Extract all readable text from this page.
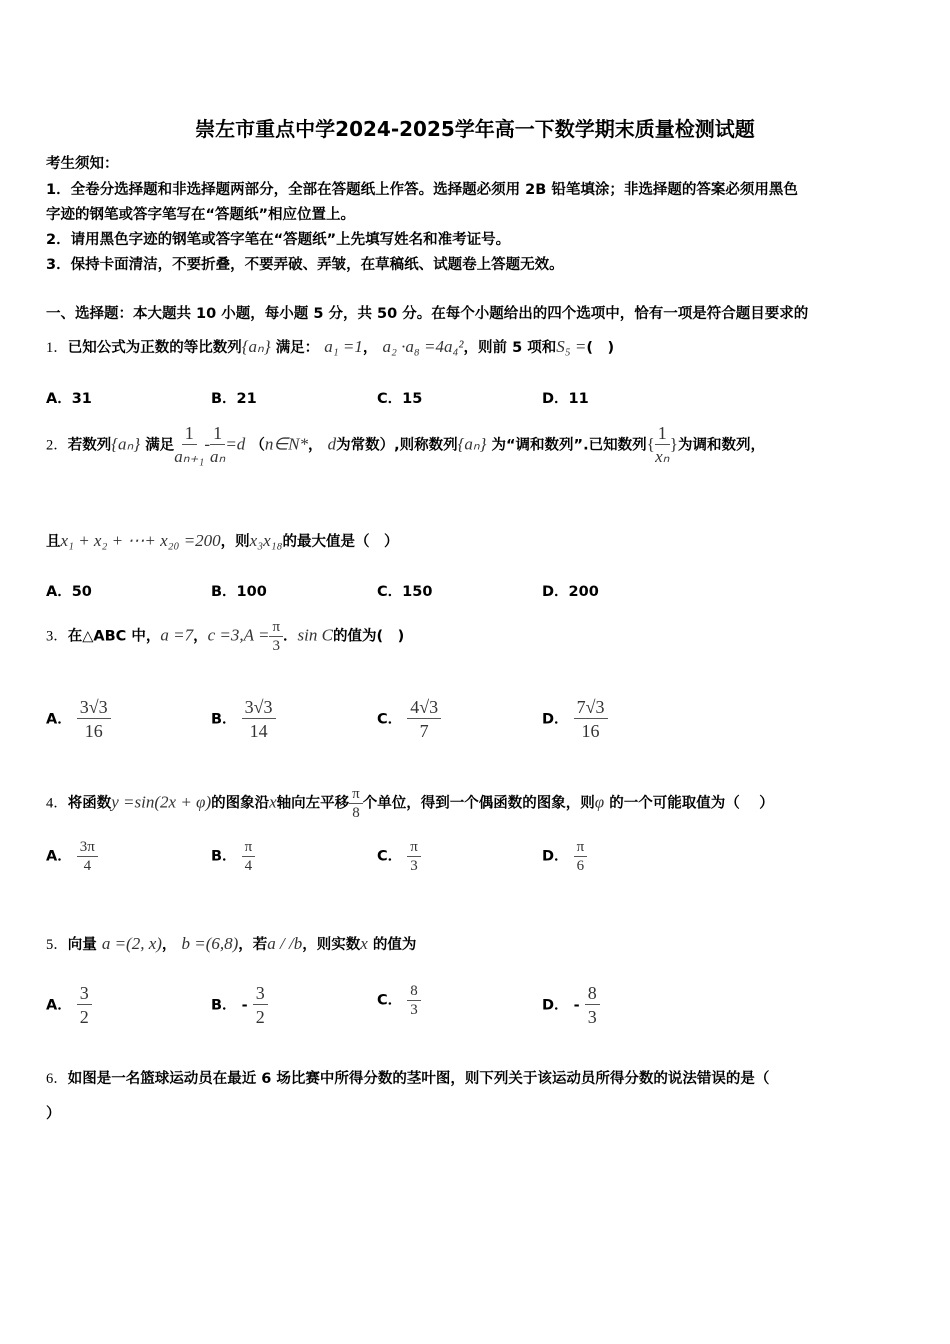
崇左市重点中学2024-2025学年高一下数学期末质量检测试题
考生须知：
1．全卷分选择题和非选择题两部分，全部在答题纸上作答。选择题必须用 2B 铅笔填涂；非选择题的答案必须用黑色
字迹的钢笔或答字笔写在“答题纸”相应位置上。
2．请用黑色字迹的钢笔或答字笔在“答题纸”上先填写姓名和准考证号。
3．保持卡面清洁，不要折叠，不要弄破、弄皱，在草稿纸、试题卷上答题无效。
一、选择题：本大题共 10 小题，每小题 5 分，共 50 分。在每个小题给出的四个选项中，恰有一项是符合题目要求的
1．已知公式为正数的等比数列{aₙ} 满足： a₁ =1， a₂ ·a₈ =4a₄²，则前 5 项和S₅ =(　)
A．31	B．21	C．15	D．11
2．若数列{aₙ} 满足 $\frac{1}{\text{aₙ₊₁}} - \frac{1}{\text{aₙ}} =d$ （n∈N*， d为常数）,则称数列{aₙ} 为“调和数列”.已知数列{ $\frac{1}{\text{xₙ}}$ }为调和数列，
且x₁ + x₂ + ⋯+ x₂₀ =200，则x₃x₁₈的最大值是（　）
A．50	B．100	C．150	D．200
3．在△ABC 中，a =7，$c =3,A = \frac{\pi}{3}$ ．sin C的值为(　)
A． $\frac{3√3}{16}$	B． $\frac{3√3}{14}$	C． $\frac{4√3}{7}$	D． $\frac{7√3}{16}$
4．将函数y =sin(2x + φ)的图象沿x轴向左平移 $\frac{\pi}{8}$ 个单位，得到一个偶函数的图象，则φ 的一个可能取值为（　 ）
A． $\frac{3\pi}{4}$	B． $\frac{\pi}{4}$	C． $\frac{\pi}{3}$	D． $\frac{\pi}{6}$
5．向量 a =(2, x)， b =(6,8)，若a / /b，则实数x 的值为
A． $\frac{3}{2}$	B． - $\frac{3}{2}$	C． $\frac{8}{3}$	D． - $\frac{8}{3}$
6．如图是一名篮球运动员在最近 6 场比赛中所得分数的茎叶图，则下列关于该运动员所得分数的说法错误的是（
）
